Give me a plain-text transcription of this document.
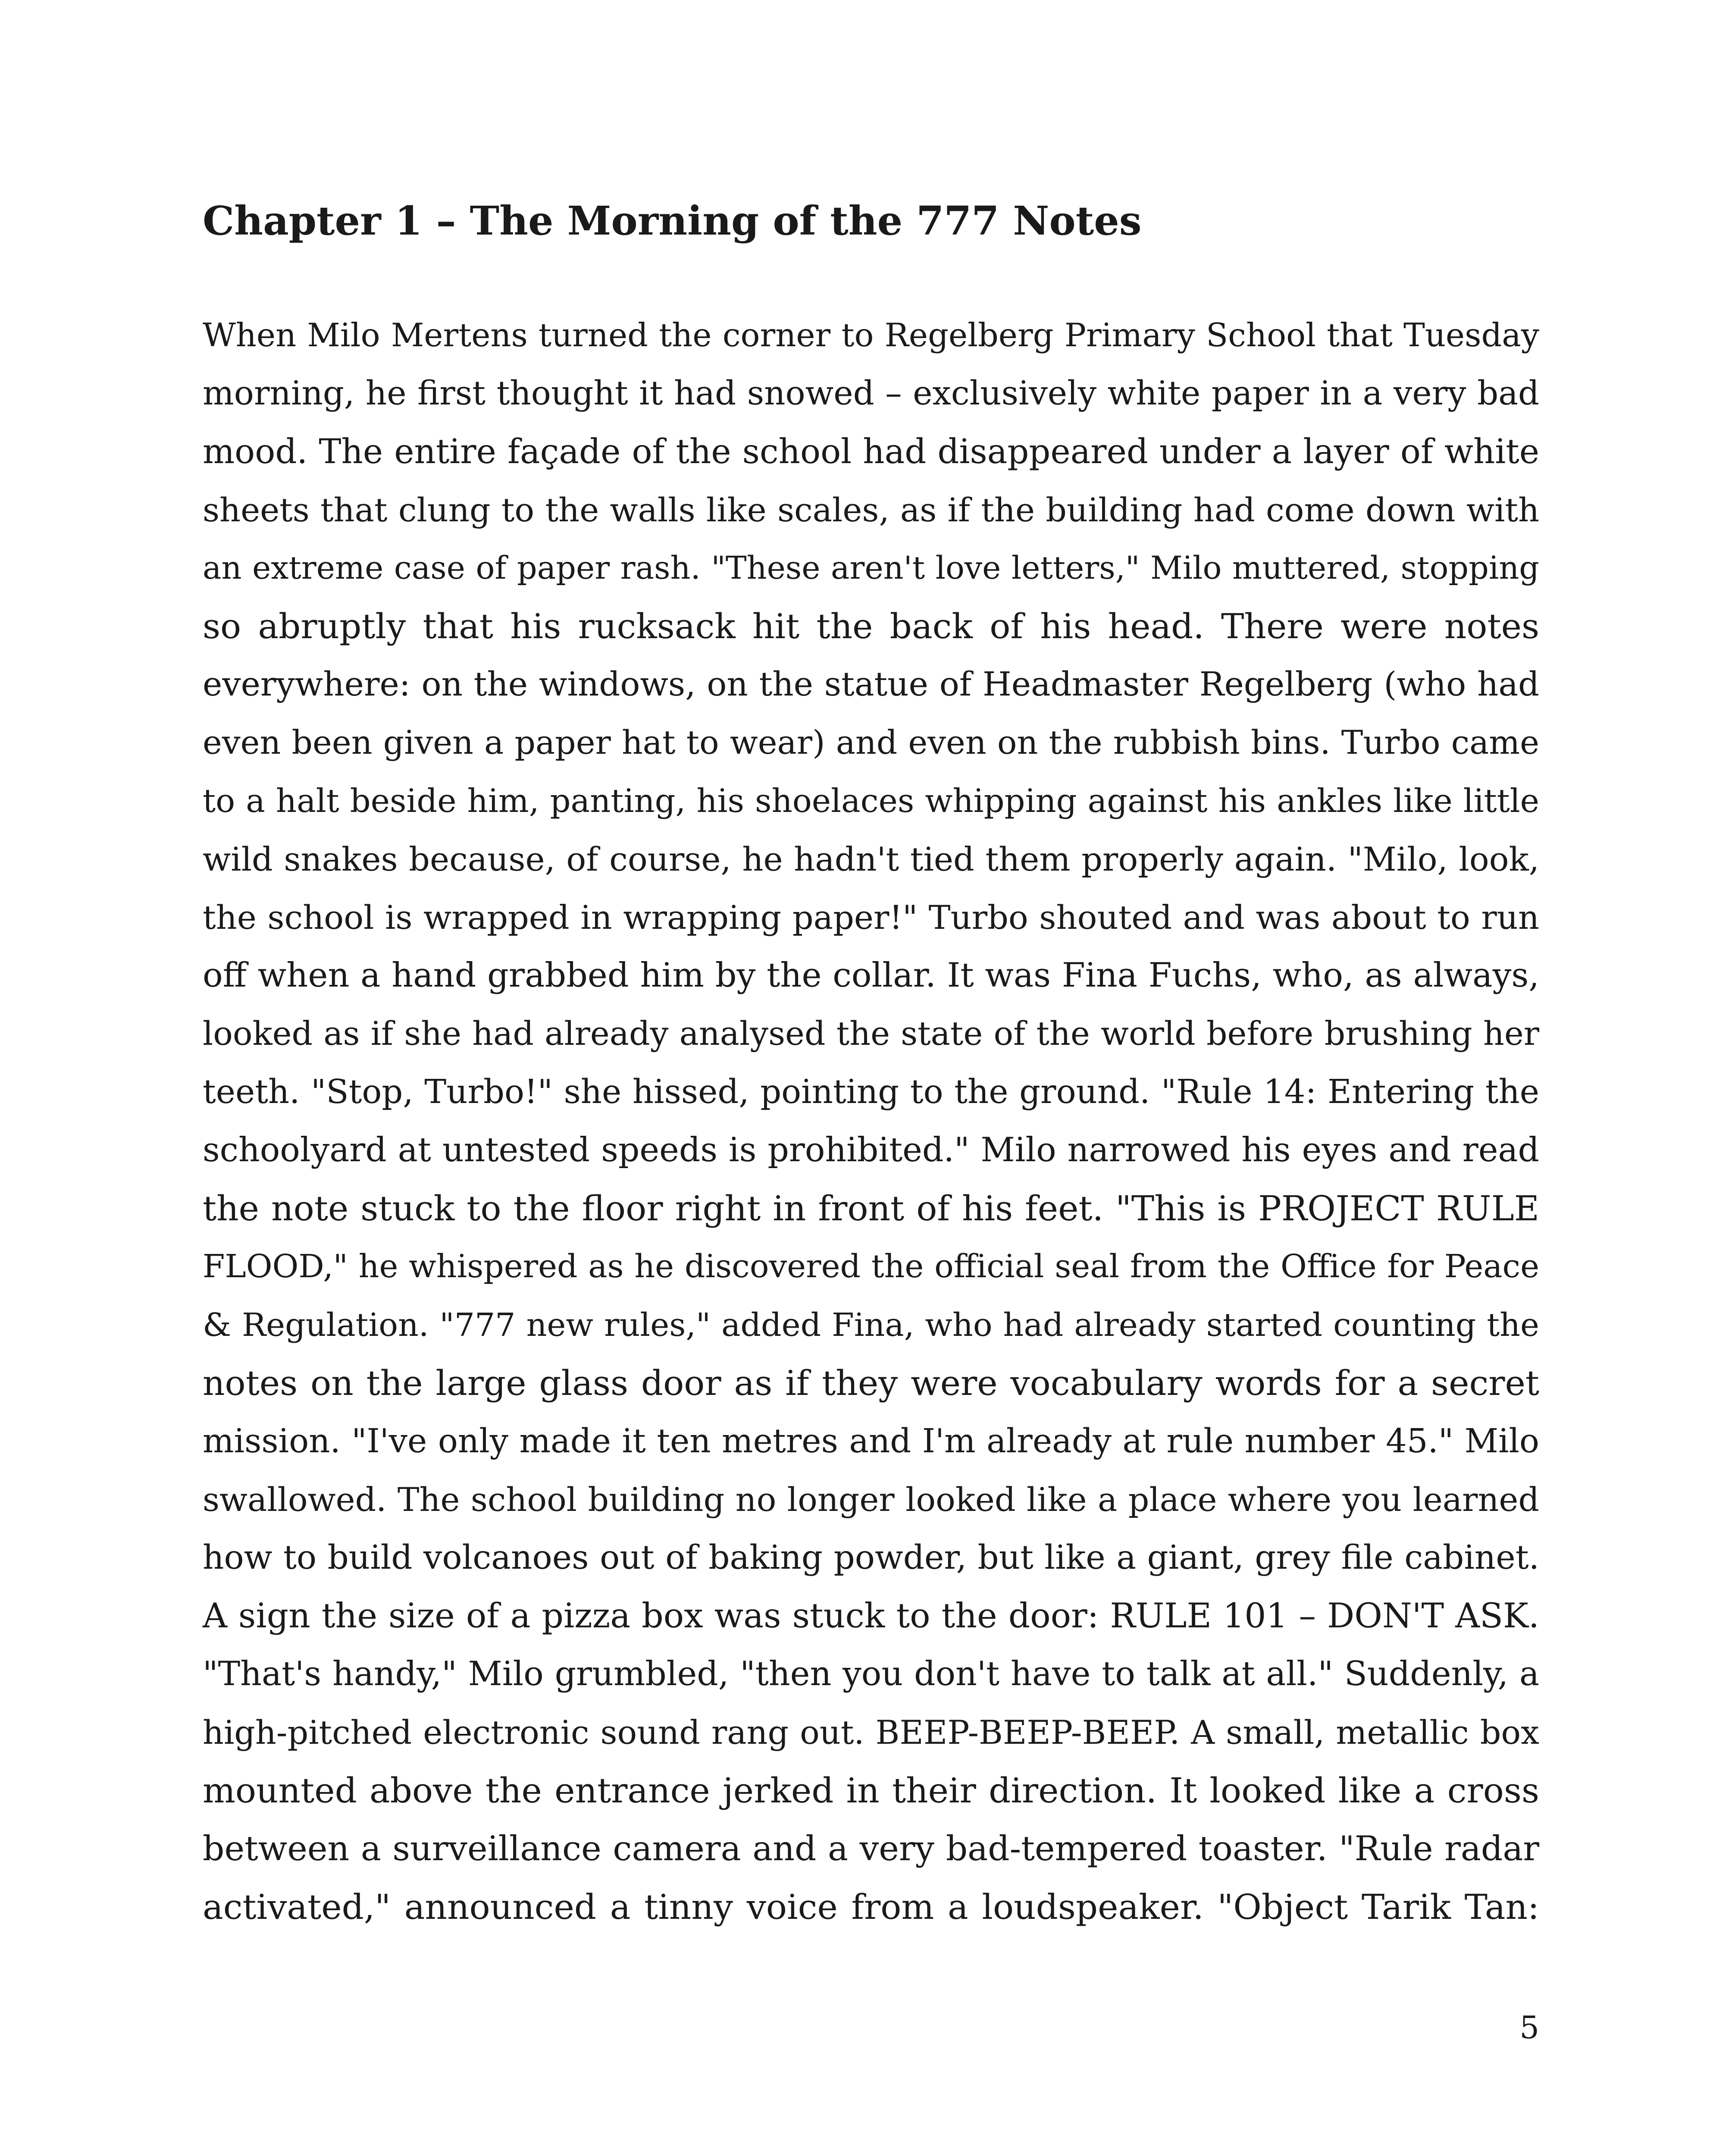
Chapter 1 – The Morning of the 777 Notes
When Milo Mertens turned the corner to Regelberg Primary School that Tuesday
morning, he first thought it had snowed – exclusively white paper in a very bad
mood. The entire façade of the school had disappeared under a layer of white
sheets that clung to the walls like scales, as if the building had come down with
an extreme case of paper rash. "These aren't love letters," Milo muttered, stopping
so abruptly that his rucksack hit the back of his head. There were notes
everywhere: on the windows, on the statue of Headmaster Regelberg (who had
even been given a paper hat to wear) and even on the rubbish bins. Turbo came
to a halt beside him, panting, his shoelaces whipping against his ankles like little
wild snakes because, of course, he hadn't tied them properly again. "Milo, look,
the school is wrapped in wrapping paper!" Turbo shouted and was about to run
off when a hand grabbed him by the collar. It was Fina Fuchs, who, as always,
looked as if she had already analysed the state of the world before brushing her
teeth. "Stop, Turbo!" she hissed, pointing to the ground. "Rule 14: Entering the
schoolyard at untested speeds is prohibited." Milo narrowed his eyes and read
the note stuck to the floor right in front of his feet. "This is PROJECT RULE
FLOOD," he whispered as he discovered the official seal from the Office for Peace
& Regulation. "777 new rules," added Fina, who had already started counting the
notes on the large glass door as if they were vocabulary words for a secret
mission. "I've only made it ten metres and I'm already at rule number 45." Milo
swallowed. The school building no longer looked like a place where you learned
how to build volcanoes out of baking powder, but like a giant, grey file cabinet.
A sign the size of a pizza box was stuck to the door: RULE 101 – DON'T ASK.
"That's handy," Milo grumbled, "then you don't have to talk at all." Suddenly, a
high-pitched electronic sound rang out. BEEP-BEEP-BEEP. A small, metallic box
mounted above the entrance jerked in their direction. It looked like a cross
between a surveillance camera and a very bad-tempered toaster. "Rule radar
activated," announced a tinny voice from a loudspeaker. "Object Tarik Tan:
5
